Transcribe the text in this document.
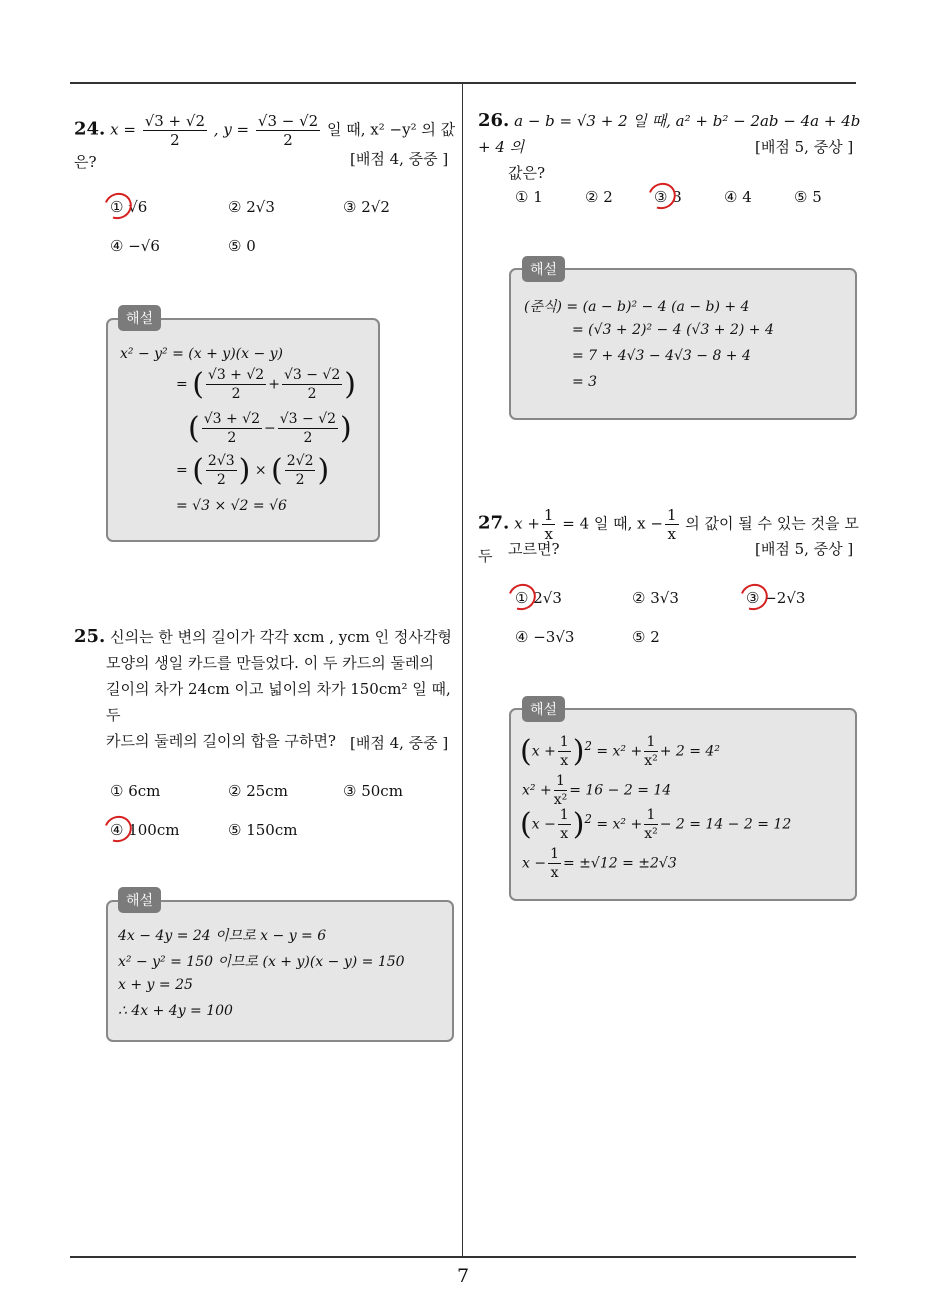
24. $x = \frac{√3 + √2}{2}$ , $y = \frac{√3 - √2}{2}$ 일 때, x² −y² 의 값은?	[배점 4, 중중 ]
① √6	② 2√3	③ 2√2
④ −√6	⑤ 0
해설
x² − y² = (x + y)(x − y)
= ( $\frac{√3 + √2}{2} + \frac{√3 - √2}{2}$ )
( $\frac{√3 + √2}{2} - \frac{√3 - √2}{2}$ )
= ( $\frac{2√3}{2}$ ) × ( $\frac{2√2}{2}$ )
= √3 × √2 = √6
25. 신의는 한 변의 길이가 각각 xcm , ycm 인 정사각형
모양의 생일 카드를 만들었다. 이 두 카드의 둘레의
길이의 차가 24cm 이고 넓이의 차가 150cm² 일 때, 두
카드의 둘레의 길이의 합을 구하면? [배점 4, 중중 ]
① 6cm	② 25cm	③ 50cm
④ 100cm	⑤ 150cm
해설
4x − 4y = 24 이므로 x − y = 6
x² − y² = 150 이므로 (x + y)(x − y) = 150
x + y = 25
∴ 4x + 4y = 100
26. a − b = √3 + 2 일 때, a² + b² − 2ab − 4a + 4b + 4 의
값은?
[배점 5, 중상 ]
① 1	② 2	③ 3	④ 4	⑤ 5
해설
(준식) = (a − b)² − 4 (a − b) + 4
= (√3 + 2)² − 4 (√3 + 2) + 4
= 7 + 4√3 − 4√3 − 8 + 4
= 3
27. $x + \frac{1}{x} = 4$ 일 때, $x - \frac{1}{x}$ 의 값이 될 수 있는 것을 모두	고르면?	[배점 5, 중상 ]
① 2√3	② 3√3	③ −2√3
④ −3√3	⑤ 2
해설
$(x + \frac{1}{x} )^2 = x^2 + \frac{1}{\text{x²}} + 2 = 4^2$
$x^2 + \frac{1}{\text{x²}} = 16 - 2 = 14$
$(x - \frac{1}{x} )^2 = x^2 + \frac{1}{\text{x²}} - 2 = 14 - 2 = 12$
$x - \frac{1}{x} = \pm√12 = \pm 2√3$
7
